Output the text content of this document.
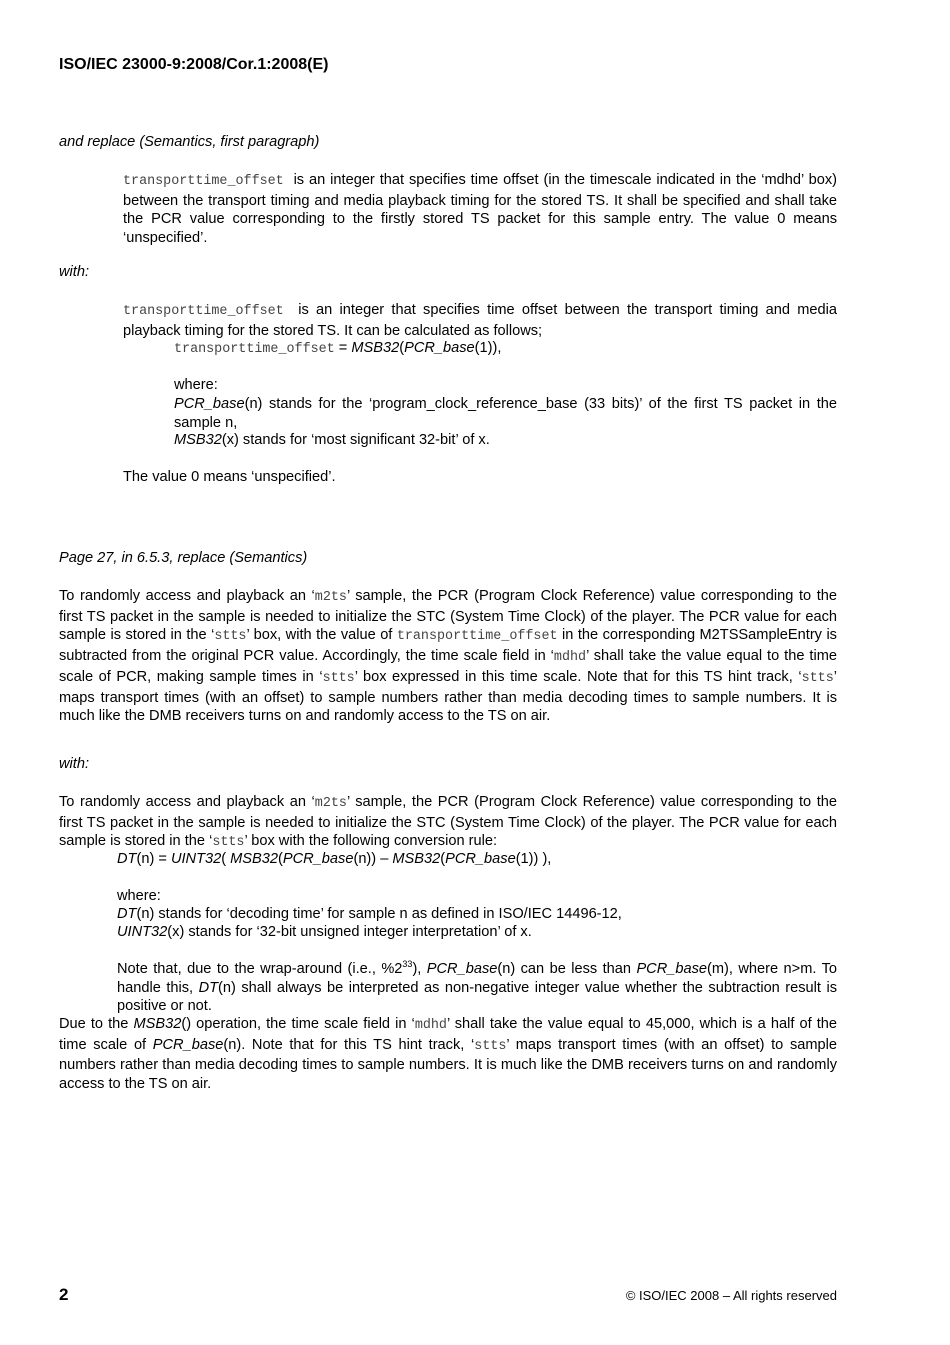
ISO/IEC 23000-9:2008/Cor.1:2008(E)
and replace (Semantics, first paragraph)
transporttime_offset is an integer that specifies time offset (in the timescale indicated in the ‘mdhd’ box) between the transport timing and media playback timing for the stored TS. It shall be specified and shall take the PCR value corresponding to the firstly stored TS packet for this sample entry. The value 0 means ‘unspecified’.
with:
transporttime_offset is an integer that specifies time offset between the transport timing and media playback timing for the stored TS. It can be calculated as follows;
transporttime_offset = MSB32(PCR_base(1)),
where:
PCR_base(n) stands for the ‘program_clock_reference_base (33 bits)’ of the first TS packet in the sample n,
MSB32(x) stands for ‘most significant 32-bit’ of x.
The value 0 means ‘unspecified’.
Page 27, in 6.5.3, replace (Semantics)
To randomly access and playback an ‘m2ts’ sample, the PCR (Program Clock Reference) value corresponding to the first TS packet in the sample is needed to initialize the STC (System Time Clock) of the player. The PCR value for each sample is stored in the ‘stts’ box, with the value of transporttime_offset in the corresponding M2TSSampleEntry is subtracted from the original PCR value. Accordingly, the time scale field in ‘mdhd’ shall take the value equal to the time scale of PCR, making sample times in ‘stts’ box expressed in this time scale. Note that for this TS hint track, ‘stts’ maps transport times (with an offset) to sample numbers rather than media decoding times to sample numbers. It is much like the DMB receivers turns on and randomly access to the TS on air.
with:
To randomly access and playback an ‘m2ts’ sample, the PCR (Program Clock Reference) value corresponding to the first TS packet in the sample is needed to initialize the STC (System Time Clock) of the player. The PCR value for each sample is stored in the ‘stts’ box with the following conversion rule:
DT(n) = UINT32( MSB32(PCR_base(n)) – MSB32(PCR_base(1)) ),
where:
DT(n) stands for ‘decoding time’ for sample n as defined in ISO/IEC 14496-12,
UINT32(x) stands for ‘32-bit unsigned integer interpretation’ of x.
Note that, due to the wrap-around (i.e., $\%2^{33}$), PCR_base(n) can be less than PCR_base(m), where n>m. To handle this, DT(n) shall always be interpreted as non-negative integer value whether the subtraction result is positive or not.
Due to the MSB32() operation, the time scale field in ‘mdhd’ shall take the value equal to 45,000, which is a half of the time scale of PCR_base(n). Note that for this TS hint track, ‘stts’ maps transport times (with an offset) to sample numbers rather than media decoding times to sample numbers. It is much like the DMB receivers turns on and randomly access to the TS on air.
2	© ISO/IEC 2008 – All rights reserved
